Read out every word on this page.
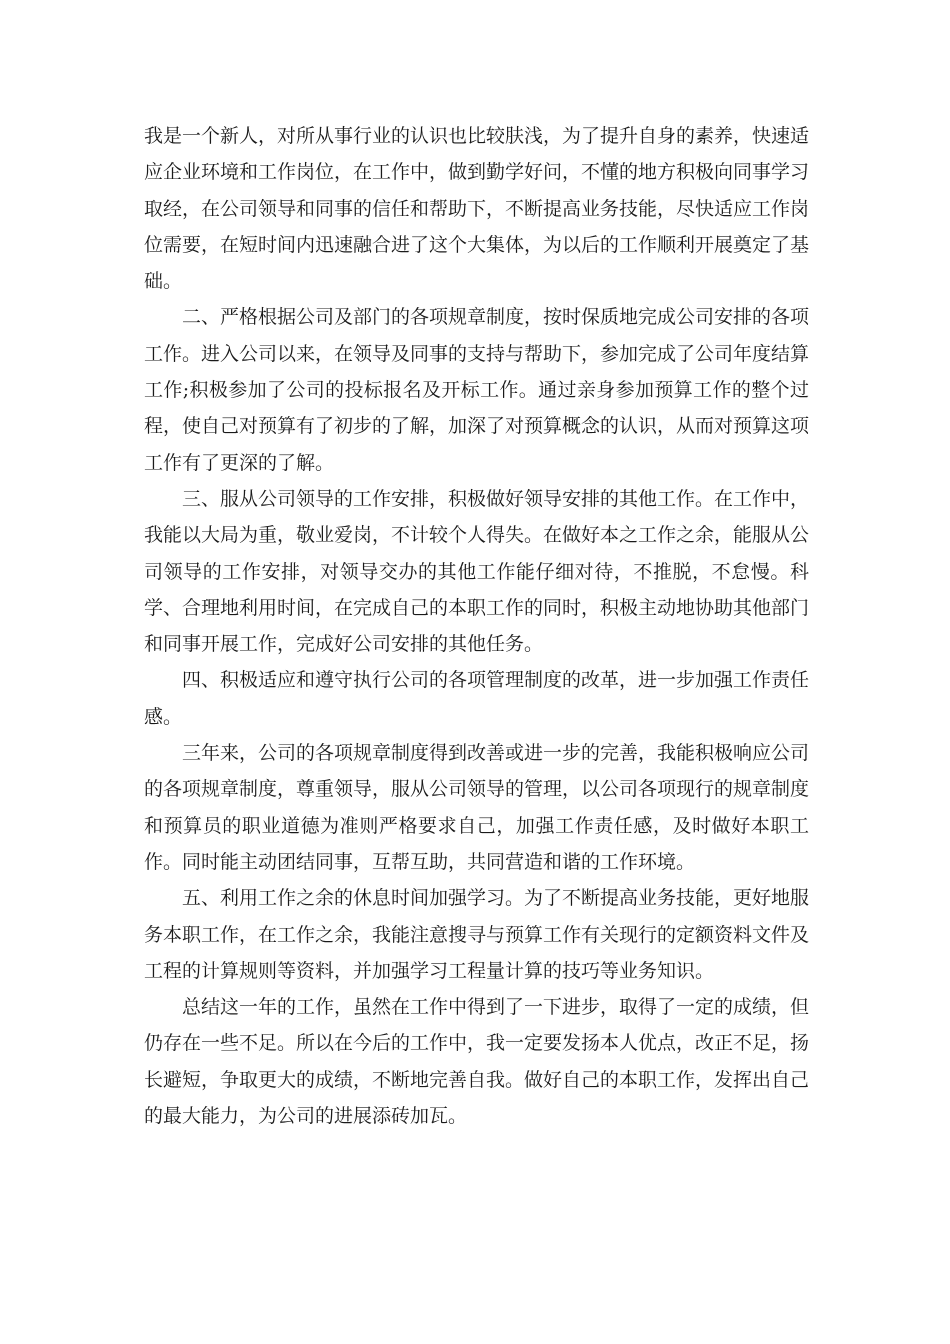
我是一个新人，对所从事行业的认识也比较肤浅，为了提升自身的素养，快速适应企业环境和工作岗位，在工作中，做到勤学好问，不懂的地方积极向同事学习取经，在公司领导和同事的信任和帮助下，不断提高业务技能，尽快适应工作岗位需要，在短时间内迅速融合进了这个大集体，为以后的工作顺利开展奠定了基础。

二、严格根据公司及部门的各项规章制度，按时保质地完成公司安排的各项工作。进入公司以来，在领导及同事的支持与帮助下，参加完成了公司年度结算工作;积极参加了公司的投标报名及开标工作。通过亲身参加预算工作的整个过程，使自己对预算有了初步的了解，加深了对预算概念的认识，从而对预算这项工作有了更深的了解。

三、服从公司领导的工作安排，积极做好领导安排的其他工作。在工作中，我能以大局为重，敬业爱岗，不计较个人得失。在做好本之工作之余，能服从公司领导的工作安排，对领导交办的其他工作能仔细对待，不推脱，不怠慢。科学、合理地利用时间，在完成自己的本职工作的同时，积极主动地协助其他部门和同事开展工作，完成好公司安排的其他任务。

四、积极适应和遵守执行公司的各项管理制度的改革，进一步加强工作责任感。

三年来，公司的各项规章制度得到改善或进一步的完善，我能积极响应公司的各项规章制度，尊重领导，服从公司领导的管理，以公司各项现行的规章制度和预算员的职业道德为准则严格要求自己，加强工作责任感，及时做好本职工作。同时能主动团结同事，互帮互助，共同营造和谐的工作环境。

五、利用工作之余的休息时间加强学习。为了不断提高业务技能，更好地服务本职工作，在工作之余，我能注意搜寻与预算工作有关现行的定额资料文件及工程的计算规则等资料，并加强学习工程量计算的技巧等业务知识。

总结这一年的工作，虽然在工作中得到了一下进步，取得了一定的成绩，但仍存在一些不足。所以在今后的工作中，我一定要发扬本人优点，改正不足，扬长避短，争取更大的成绩，不断地完善自我。做好自己的本职工作，发挥出自己的最大能力，为公司的进展添砖加瓦。
